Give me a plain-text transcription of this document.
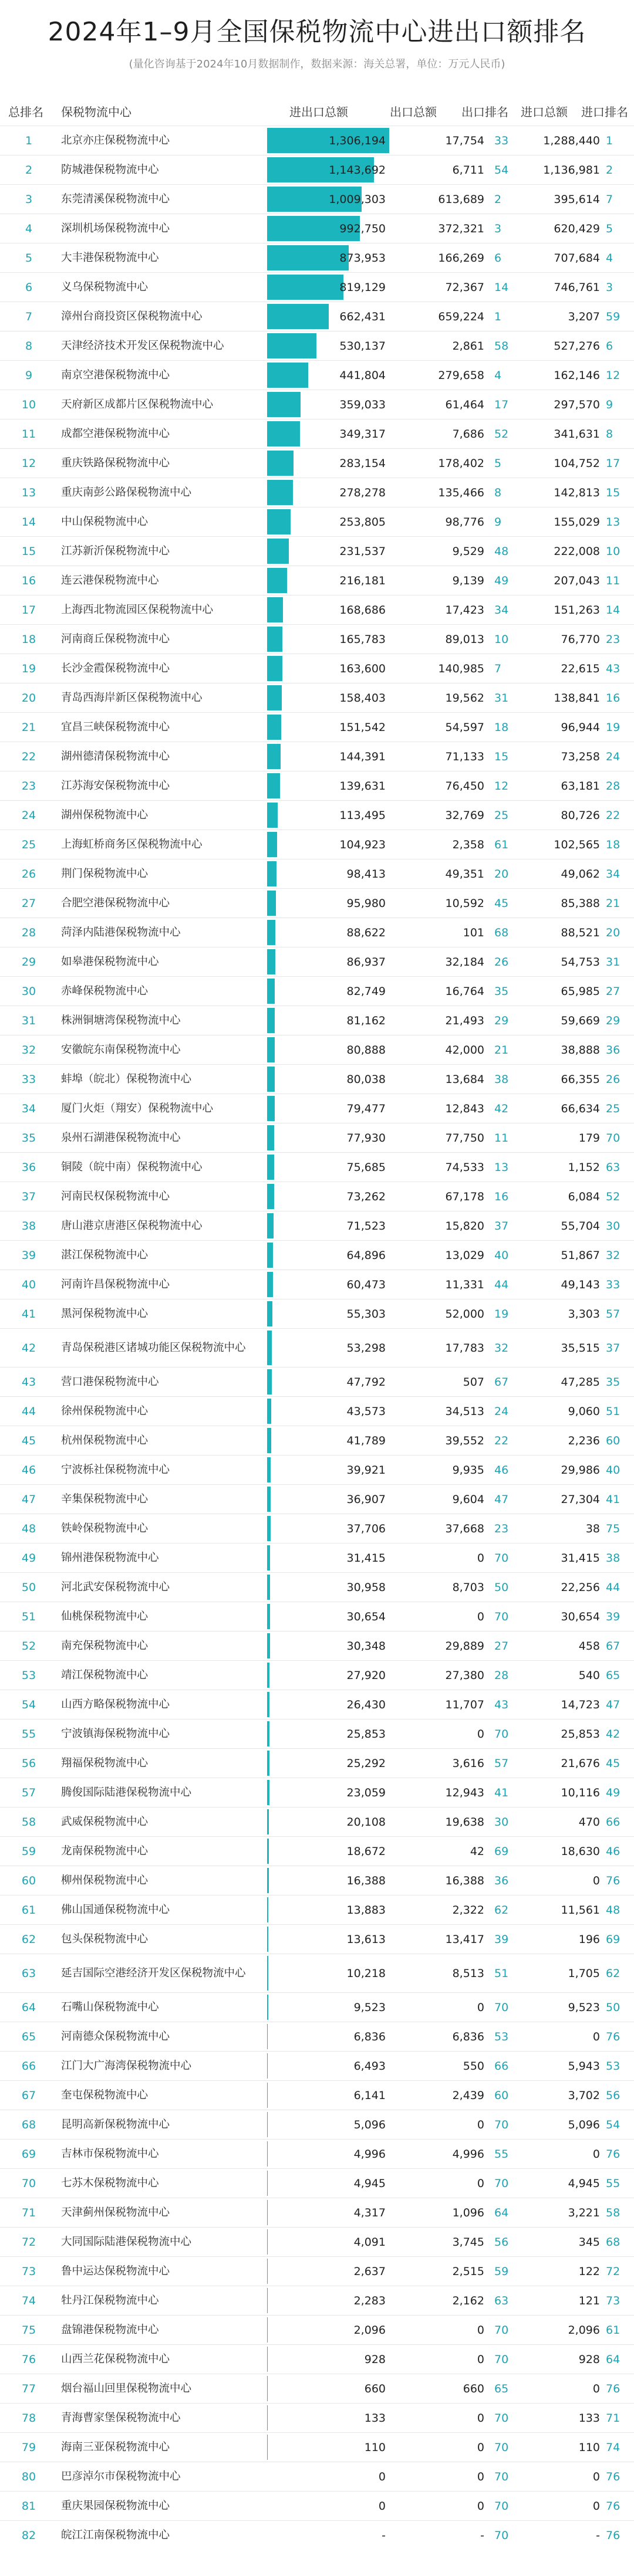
2024年1–9月全国保税物流中心进出口额排名
(量化咨询基于2024年10月数据制作，数据来源：海关总署，单位：万元人民币)
总排名 保税物流中心	进出口总额	出口总额 出口排名 进口总额 进口排名
1	北京亦庄保税物流中心	1,306,194	17,754 33	1,288,440 1
2	防城港保税物流中心	1,143,692	6,711 54	1,136,981 2
3	东莞清溪保税物流中心	1,009,303	613,689 2	395,614 7
4	深圳机场保税物流中心	992,750	372,321 3	620,429 5
5	大丰港保税物流中心	873,953	166,269 6	707,684 4
6	义乌保税物流中心	819,129	72,367 14	746,761 3
7	漳州台商投资区保税物流中心	662,431	659,224 1	3,207 59
8	天津经济技术开发区保税物流中心	530,137	2,861 58	527,276 6
9	南京空港保税物流中心	441,804	279,658 4	162,146 12
10	天府新区成都片区保税物流中心	359,033	61,464 17	297,570 9
11	成都空港保税物流中心	349,317	7,686 52	341,631 8
12	重庆铁路保税物流中心	283,154	178,402 5	104,752 17
13	重庆南彭公路保税物流中心	278,278	135,466 8	142,813 15
14	中山保税物流中心	253,805	98,776 9	155,029 13
15	江苏新沂保税物流中心	231,537	9,529 48	222,008 10
16	连云港保税物流中心	216,181	9,139 49	207,043 11
17	上海西北物流园区保税物流中心	168,686	17,423 34	151,263 14
18	河南商丘保税物流中心	165,783	89,013 10	76,770 23
19	长沙金霞保税物流中心	163,600	140,985 7	22,615 43
20	青岛西海岸新区保税物流中心	158,403	19,562 31	138,841 16
21	宜昌三峡保税物流中心	151,542	54,597 18	96,944 19
22	湖州德清保税物流中心	144,391	71,133 15	73,258 24
23	江苏海安保税物流中心	139,631	76,450 12	63,181 28
24	湖州保税物流中心	113,495	32,769 25	80,726 22
25	上海虹桥商务区保税物流中心	104,923	2,358 61	102,565 18
26	荆门保税物流中心	98,413	49,351 20	49,062 34
27	合肥空港保税物流中心	95,980	10,592 45	85,388 21
28	菏泽内陆港保税物流中心	88,622	101 68	88,521 20
29	如皋港保税物流中心	86,937	32,184 26	54,753 31
30	赤峰保税物流中心	82,749	16,764 35	65,985 27
31	株洲铜塘湾保税物流中心	81,162	21,493 29	59,669 29
32	安徽皖东南保税物流中心	80,888	42,000 21	38,888 36
33	蚌埠（皖北）保税物流中心	80,038	13,684 38	66,355 26
34	厦门火炬（翔安）保税物流中心	79,477	12,843 42	66,634 25
35	泉州石湖港保税物流中心	77,930	77,750 11	179 70
36	铜陵（皖中南）保税物流中心	75,685	74,533 13	1,152 63
37	河南民权保税物流中心	73,262	67,178 16	6,084 52
38	唐山港京唐港区保税物流中心	71,523	15,820 37	55,704 30
39	湛江保税物流中心	64,896	13,029 40	51,867 32
40	河南许昌保税物流中心	60,473	11,331 44	49,143 33
41	黑河保税物流中心	55,303	52,000 19	3,303 57
42	青岛保税港区诸城功能区保税物流中心	53,298	17,783 32	35,515 37
43	营口港保税物流中心	47,792	507 67	47,285 35
44	徐州保税物流中心	43,573	34,513 24	9,060 51
45	杭州保税物流中心	41,789	39,552 22	2,236 60
46	宁波栎社保税物流中心	39,921	9,935 46	29,986 40
47	辛集保税物流中心	36,907	9,604 47	27,304 41
48	铁岭保税物流中心	37,706	37,668 23	38 75
49	锦州港保税物流中心	31,415	0 70	31,415 38
50	河北武安保税物流中心	30,958	8,703 50	22,256 44
51	仙桃保税物流中心	30,654	0 70	30,654 39
52	南充保税物流中心	30,348	29,889 27	458 67
53	靖江保税物流中心	27,920	27,380 28	540 65
54	山西方略保税物流中心	26,430	11,707 43	14,723 47
55	宁波镇海保税物流中心	25,853	0 70	25,853 42
56	翔福保税物流中心	25,292	3,616 57	21,676 45
57	腾俊国际陆港保税物流中心	23,059	12,943 41	10,116 49
58	武威保税物流中心	20,108	19,638 30	470 66
59	龙南保税物流中心	18,672	42 69	18,630 46
60	柳州保税物流中心	16,388	16,388 36	0 76
61	佛山国通保税物流中心	13,883	2,322 62	11,561 48
62	包头保税物流中心	13,613	13,417 39	196 69
63	延吉国际空港经济开发区保税物流中心	10,218	8,513 51	1,705 62
64	石嘴山保税物流中心	9,523	0 70	9,523 50
65	河南德众保税物流中心	6,836	6,836 53	0 76
66	江门大广海湾保税物流中心	6,493	550 66	5,943 53
67	奎屯保税物流中心	6,141	2,439 60	3,702 56
68	昆明高新保税物流中心	5,096	0 70	5,096 54
69	吉林市保税物流中心	4,996	4,996 55	0 76
70	七苏木保税物流中心	4,945	0 70	4,945 55
71	天津蓟州保税物流中心	4,317	1,096 64	3,221 58
72	大同国际陆港保税物流中心	4,091	3,745 56	345 68
73	鲁中运达保税物流中心	2,637	2,515 59	122 72
74	牡丹江保税物流中心	2,283	2,162 63	121 73
75	盘锦港保税物流中心	2,096	0 70	2,096 61
76	山西兰花保税物流中心	928	0 70	928 64
77	烟台福山回里保税物流中心	660	660 65	0 76
78	青海曹家堡保税物流中心	133	0 70	133 71
79	海南三亚保税物流中心	110	0 70	110 74
80	巴彦淖尔市保税物流中心	0	0 70	0 76
81	重庆果园保税物流中心	0	0 70	0 76
82	皖江江南保税物流中心	-	- 70	- 76
